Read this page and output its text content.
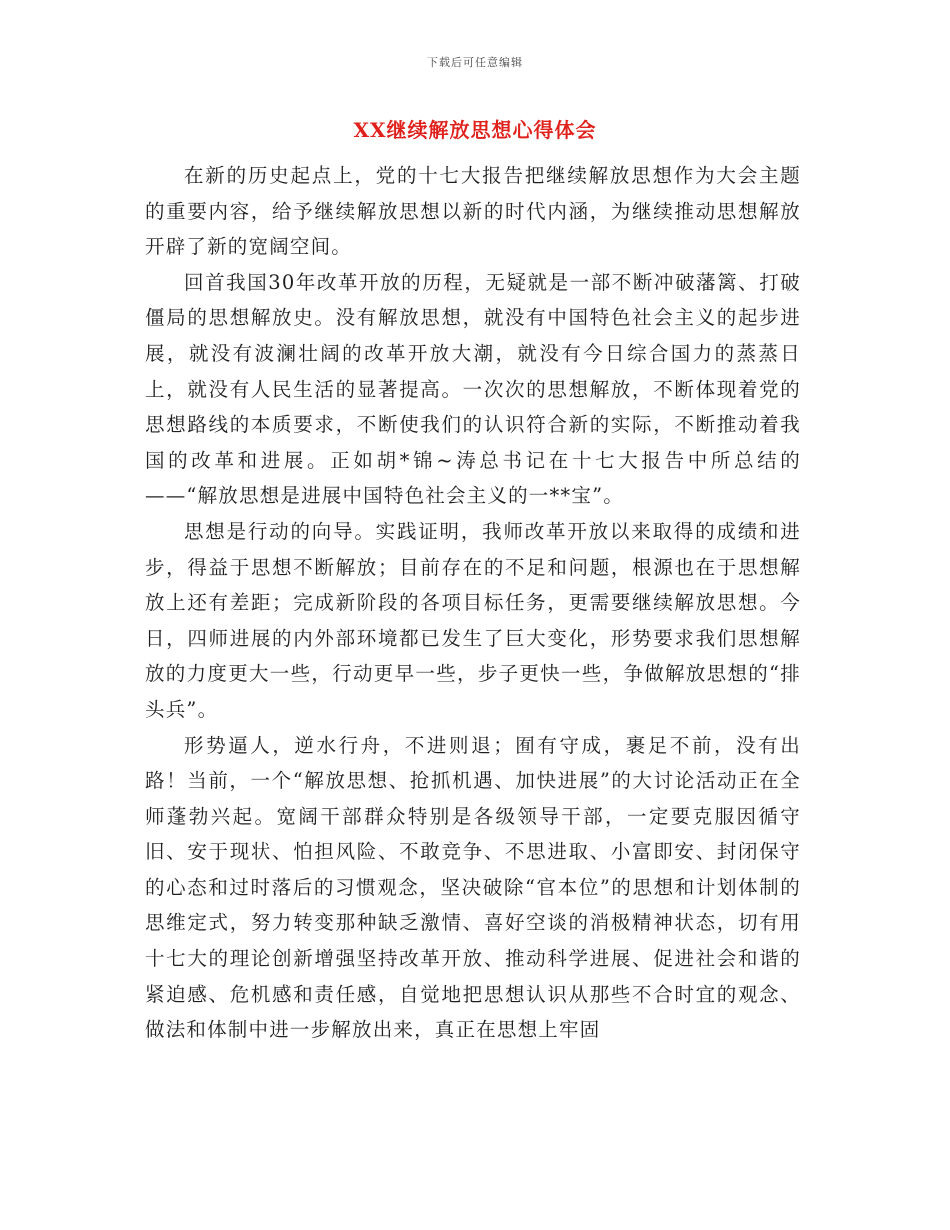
下载后可任意编辑
XX继续解放思想心得体会

在新的历史起点上，党的十七大报告把继续解放思想作为大会主题的重要内容，给予继续解放思想以新的时代内涵，为继续推动思想解放开辟了新的宽阔空间。

回首我国30年改革开放的历程，无疑就是一部不断冲破藩篱、打破僵局的思想解放史。没有解放思想，就没有中国特色社会主义的起步进展，就没有波澜壮阔的改革开放大潮，就没有今日综合国力的蒸蒸日上，就没有人民生活的显著提高。一次次的思想解放，不断体现着党的思想路线的本质要求，不断使我们的认识符合新的实际，不断推动着我国的改革和进展。正如胡*锦~涛总书记在十七大报告中所总结的——“解放思想是进展中国特色社会主义的一**宝”。

思想是行动的向导。实践证明，我师改革开放以来取得的成绩和进步，得益于思想不断解放；目前存在的不足和问题，根源也在于思想解放上还有差距；完成新阶段的各项目标任务，更需要继续解放思想。今日，四师进展的内外部环境都已发生了巨大变化，形势要求我们思想解放的力度更大一些，行动更早一些，步子更快一些，争做解放思想的“排头兵”。

形势逼人，逆水行舟，不进则退；囿有守成，裹足不前，没有出路！当前，一个“解放思想、抢抓机遇、加快进展”的大讨论活动正在全师蓬勃兴起。宽阔干部群众特别是各级领导干部，一定要克服因循守旧、安于现状、怕担风险、不敢竞争、不思进取、小富即安、封闭保守的心态和过时落后的习惯观念，坚决破除“官本位”的思想和计划体制的思维定式，努力转变那种缺乏激情、喜好空谈的消极精神状态，切有用十七大的理论创新增强坚持改革开放、推动科学进展、促进社会和谐的紧迫感、危机感和责任感，自觉地把思想认识从那些不合时宜的观念、做法和体制中进一步解放出来，真正在思想上牢固
